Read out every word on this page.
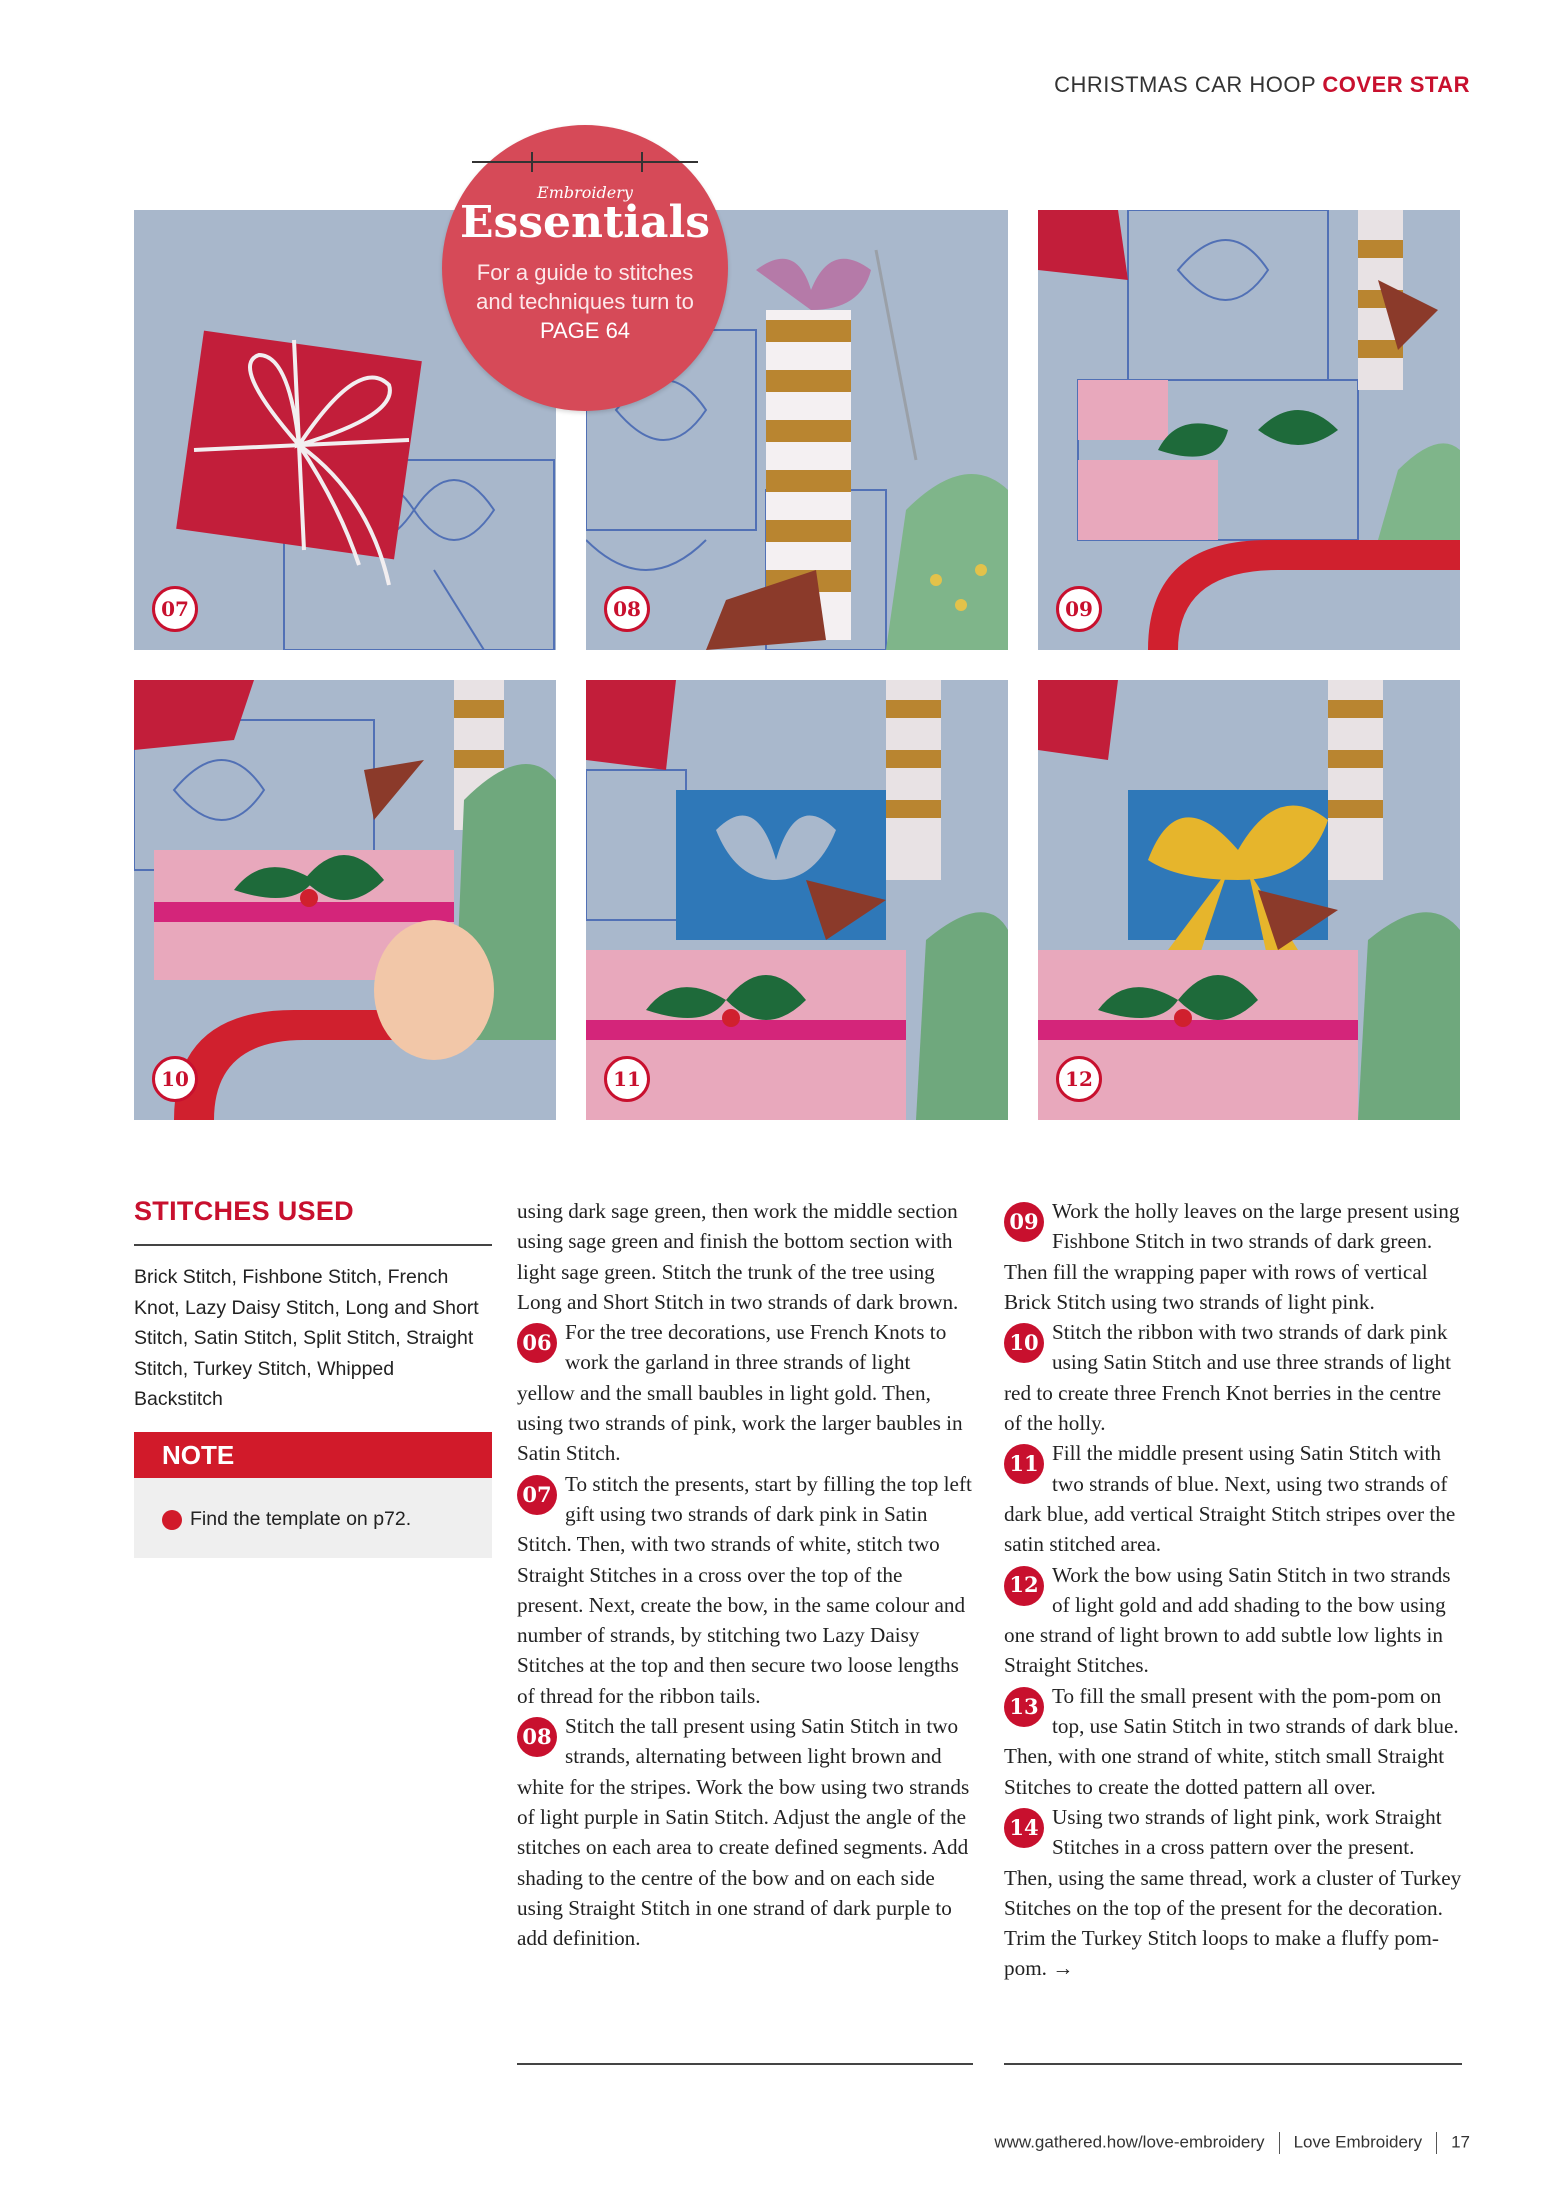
CHRISTMAS CAR HOOP COVER STAR
07	08	09
10	11	12
Embroidery
Essentials
For a guide to stitches and techniques turn to
PAGE 64
STITCHES USED
Brick Stitch, Fishbone Stitch, French Knot, Lazy Daisy Stitch, Long and Short Stitch, Satin Stitch, Split Stitch, Straight Stitch, Turkey Stitch, Whipped Backstitch
NOTE
Find the template on p72.

using dark sage green, then work the middle section using sage green and finish the bottom section with light sage green. Stitch the trunk of the tree using Long and Short Stitch in two strands of dark brown.

06 For the tree decorations, use French Knots to work the garland in three strands of light yellow and the small baubles in light gold. Then, using two strands of pink, work the larger baubles in Satin Stitch.
07 To stitch the presents, start by filling the top left gift using two strands of dark pink in Satin Stitch. Then, with two strands of white, stitch two Straight Stitches in a cross over the top of the present. Next, create the bow, in the same colour and number of strands, by stitching two Lazy Daisy Stitches at the top and then secure two loose lengths of thread for the ribbon tails.
08 Stitch the tall present using Satin Stitch in two strands, alternating between light brown and white for the stripes. Work the bow using two strands of light purple in Satin Stitch. Adjust the angle of the stitches on each area to create defined segments. Add shading to the centre of the bow and on each side using Straight Stitch in one strand of dark purple to add definition.
09 Work the holly leaves on the large present using Fishbone Stitch in two strands of dark green. Then fill the wrapping paper with rows of vertical Brick Stitch using two strands of light pink.
10 Stitch the ribbon with two strands of dark pink using Satin Stitch and use three strands of light red to create three French Knot berries in the centre of the holly.
11 Fill the middle present using Satin Stitch with two strands of blue. Next, using two strands of dark blue, add vertical Straight Stitch stripes over the satin stitched area.
12 Work the bow using Satin Stitch in two strands of light gold and add shading to the bow using one strand of light brown to add subtle low lights in Straight Stitches.
13 To fill the small present with the pom-pom on top, use Satin Stitch in two strands of dark blue. Then, with one strand of white, stitch small Straight Stitches to create the dotted pattern all over.
14 Using two strands of light pink, work Straight Stitches in a cross pattern over the present. Then, using the same thread, work a cluster of Turkey Stitches on the top of the present for the decoration. Trim the Turkey Stitch loops to make a fluffy pom-pom. →
www.gathered.how/love-embroidery Love Embroidery 17
